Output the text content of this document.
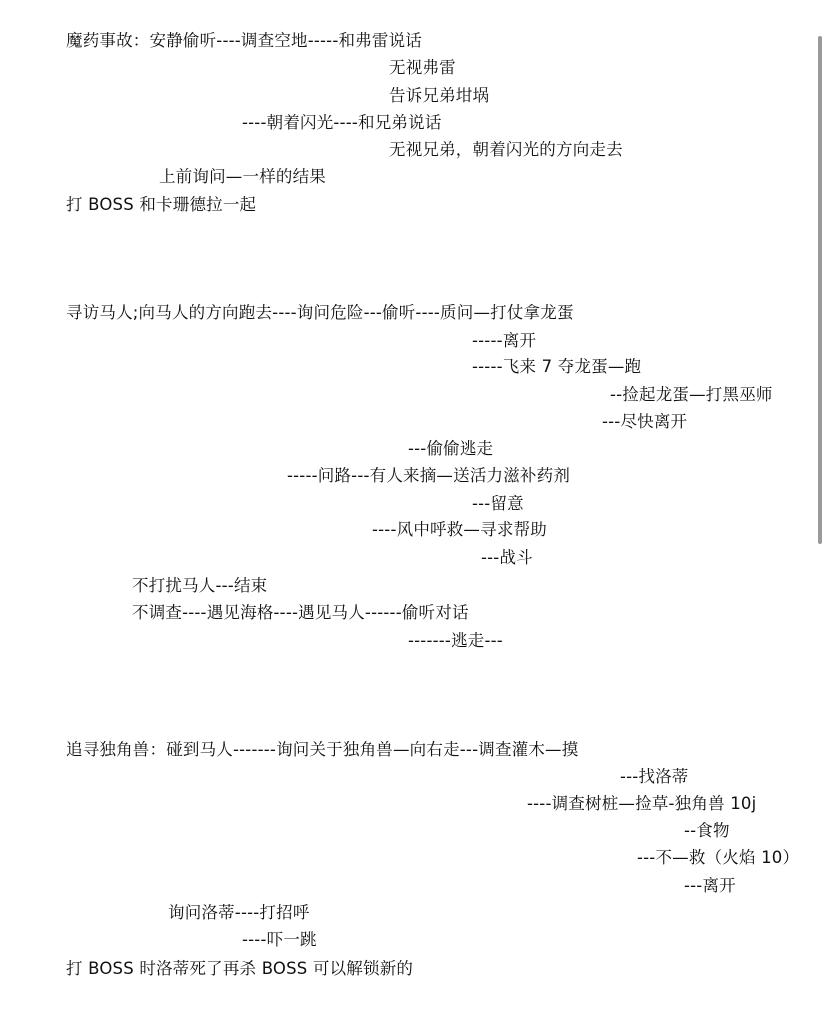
魔药事故：安静偷听----调查空地-----和弗雷说话
无视弗雷
告诉兄弟坩埚
----朝着闪光----和兄弟说话
无视兄弟，朝着闪光的方向走去
上前询问—一样的结果
打 BOSS 和卡珊德拉一起
寻访马人;向马人的方向跑去----询问危险---偷听----质问—打仗拿龙蛋
-----离开
-----飞来 7 夺龙蛋—跑
--捡起龙蛋—打黑巫师
---尽快离开
---偷偷逃走
-----问路---有人来摘—送活力滋补药剂
---留意
----风中呼救—寻求帮助
---战斗
不打扰马人---结束
不调查----遇见海格----遇见马人------偷听对话
-------逃走---
追寻独角兽：碰到马人-------询问关于独角兽—向右走---调查灌木—摸
---找洛蒂
----调查树桩—捡草-独角兽 10j
--食物
---不—救（火焰 10）
---离开
询问洛蒂----打招呼
----吓一跳
打 BOSS 时洛蒂死了再杀 BOSS 可以解锁新的
